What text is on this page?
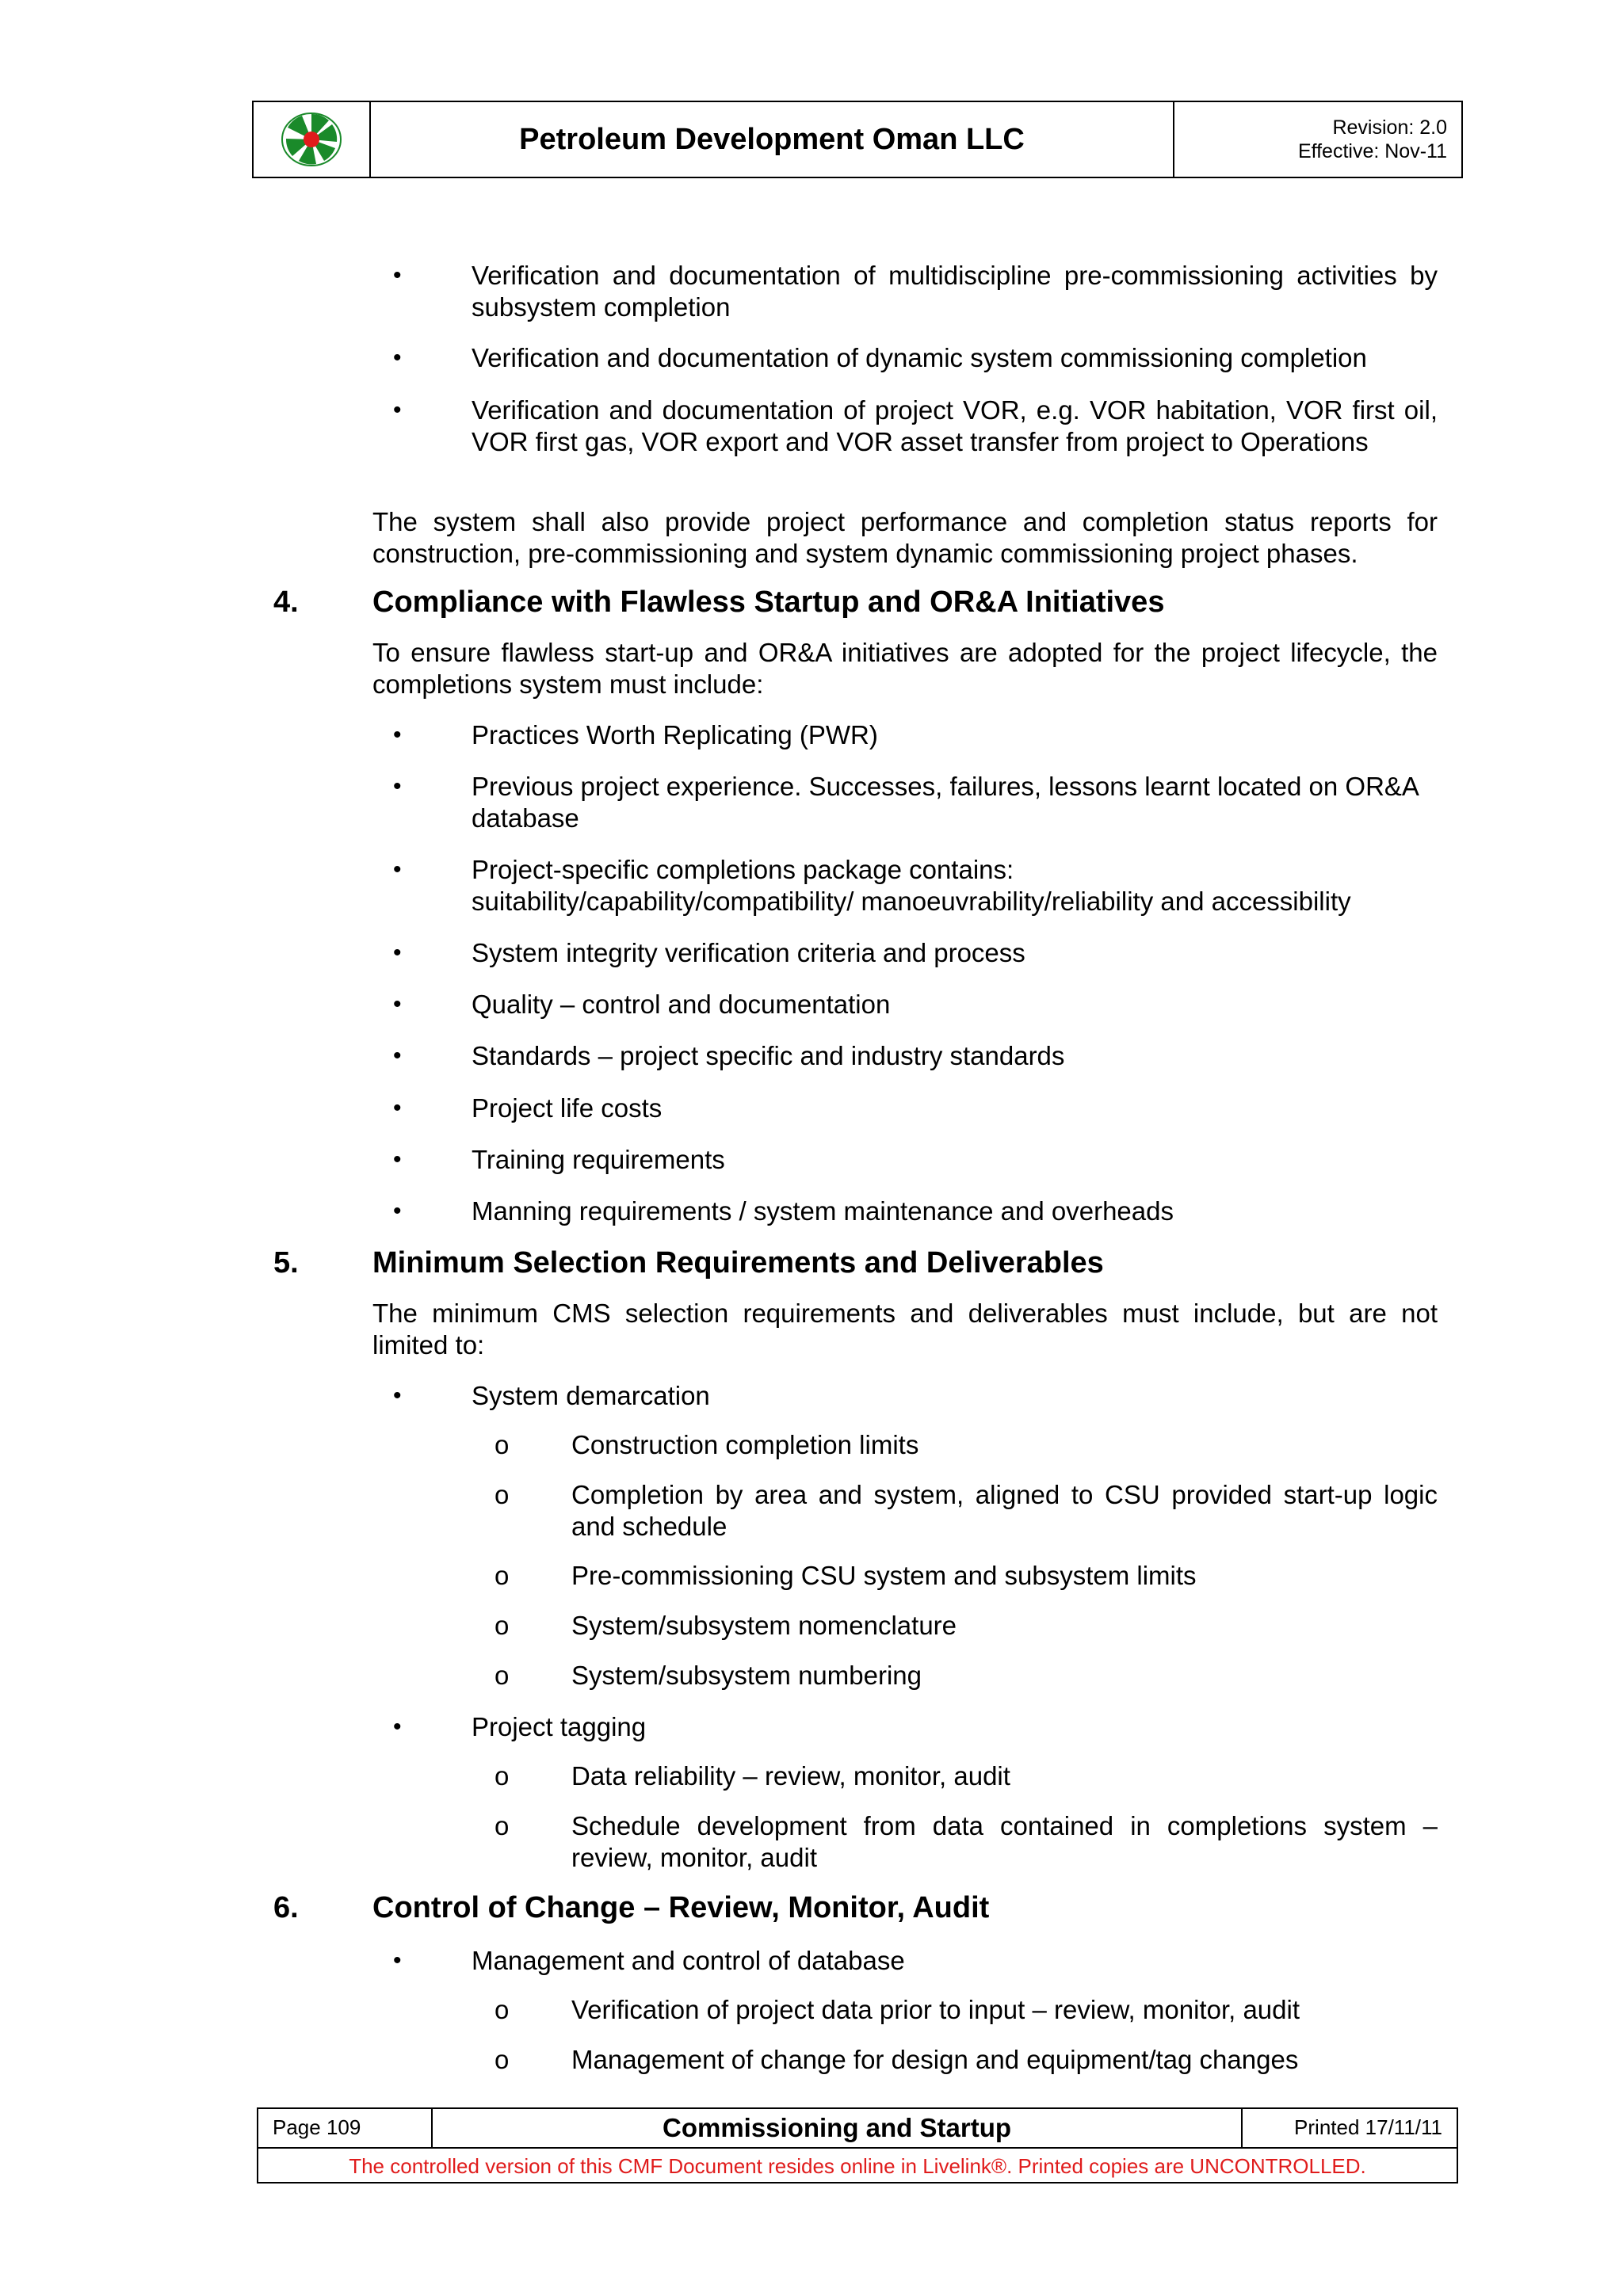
Petroleum Development Oman LLC	Revision: 2.0
Effective: Nov-11
•	Verification and documentation of multidiscipline pre-commissioning activities by subsystem completion
•	Verification and documentation of dynamic system commissioning completion
•	Verification and documentation of project VOR, e.g. VOR habitation, VOR first oil, VOR first gas, VOR export and VOR asset transfer from project to Operations
The system shall also provide project performance and completion status reports for construction, pre-commissioning and system dynamic commissioning project phases.
4.	Compliance with Flawless Startup and OR&A Initiatives
To ensure flawless start-up and OR&A initiatives are adopted for the project lifecycle, the completions system must include:
•	Practices Worth Replicating (PWR)
•	Previous project experience. Successes, failures, lessons learnt located on OR&A database
•	Project-specific completions package contains:
suitability/capability/compatibility/ manoeuvrability/reliability and accessibility
•	System integrity verification criteria and process
•	Quality – control and documentation
•	Standards – project specific and industry standards
•	Project life costs
•	Training requirements
•	Manning requirements / system maintenance and overheads
5.	Minimum Selection Requirements and Deliverables
The minimum CMS selection requirements and deliverables must include, but are not limited to:
•	System demarcation
o	Construction completion limits
o	Completion by area and system, aligned to CSU provided start-up logic and schedule
o	Pre-commissioning CSU system and subsystem limits
o	System/subsystem nomenclature
o	System/subsystem numbering
•	Project tagging
o	Data reliability – review, monitor, audit
o	Schedule development from data contained in completions system – review, monitor, audit
6.	Control of Change – Review, Monitor, Audit
•	Management and control of database
o	Verification of project data prior to input – review, monitor, audit
o	Management of change for design and equipment/tag changes
Page 109	Commissioning and Startup	Printed 17/11/11
The controlled version of this CMF Document resides online in Livelink®. Printed copies are UNCONTROLLED.
